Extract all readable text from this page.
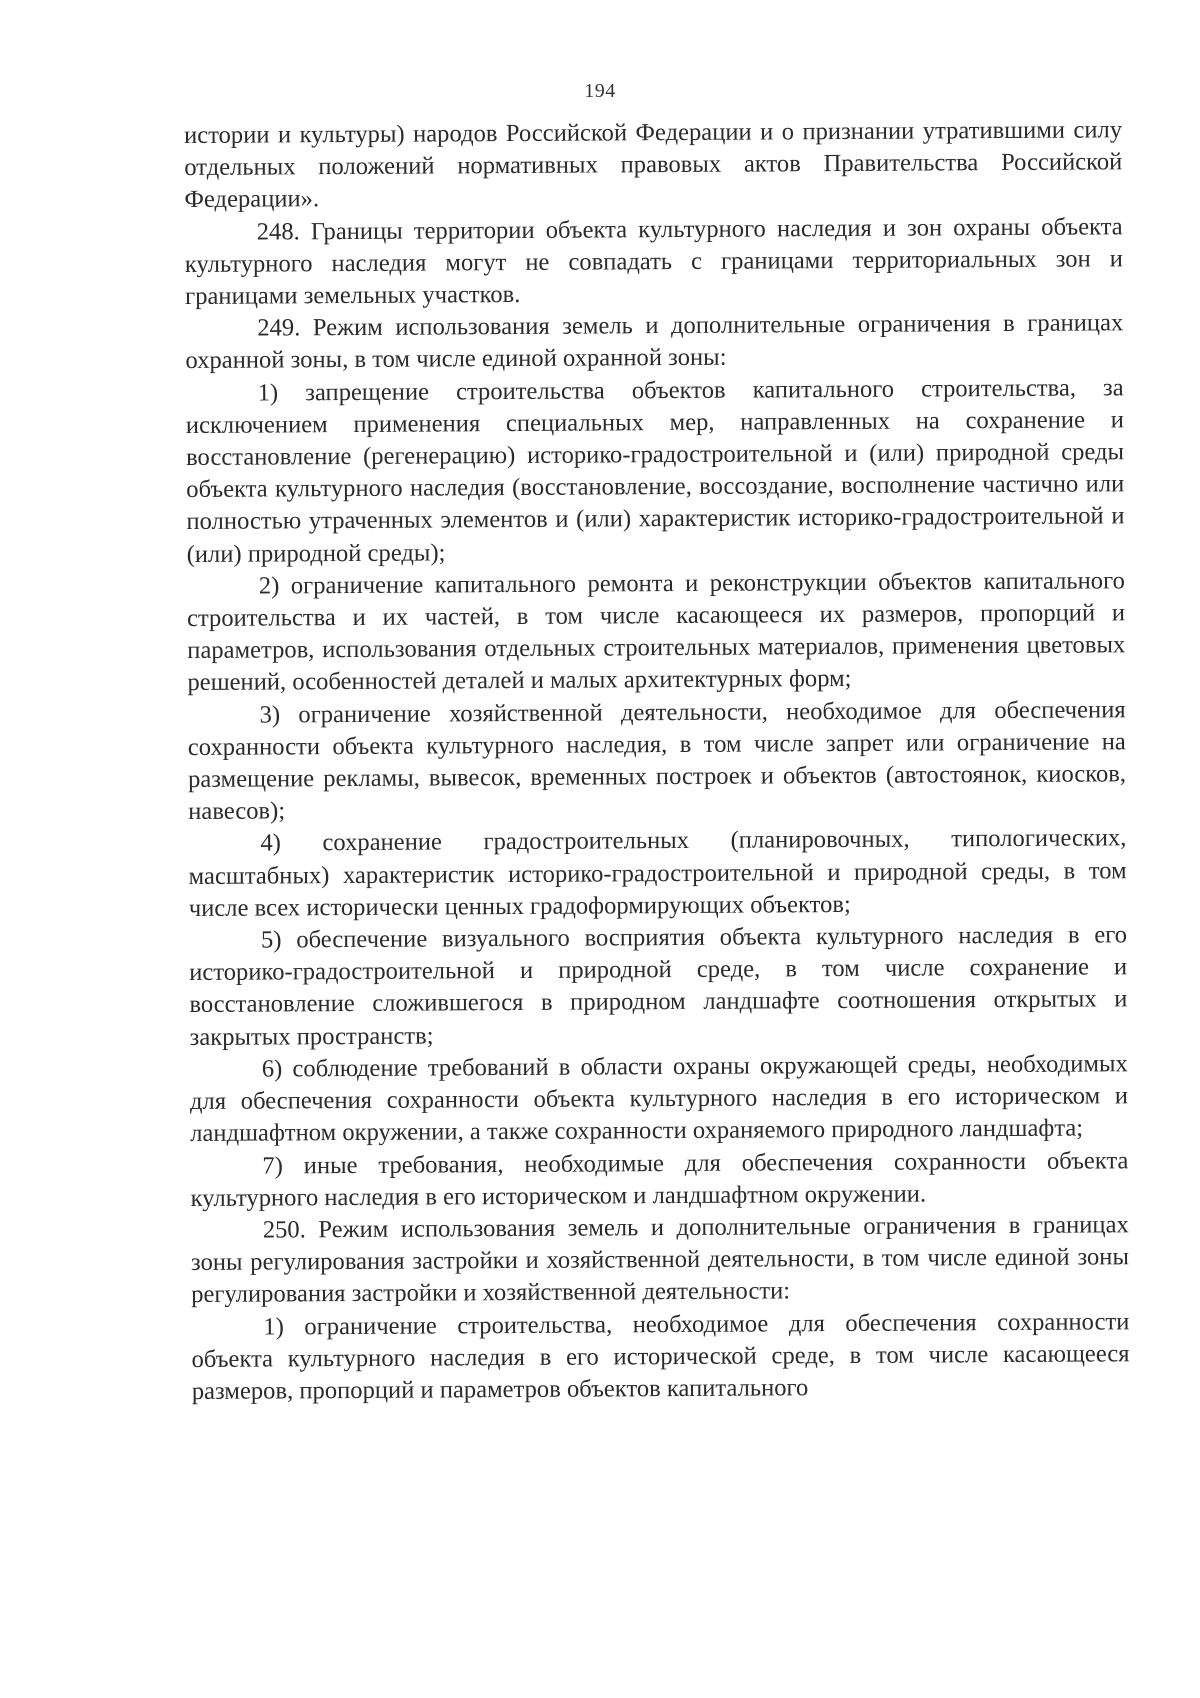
194

истории и культуры) народов Российской Федерации и о признании утратившими силу отдельных положений нормативных правовых актов Правительства Российской Федерации».

248. Границы территории объекта культурного наследия и зон охраны объекта культурного наследия могут не совпадать с границами территориальных зон и границами земельных участков.

249. Режим использования земель и дополнительные ограничения в границах охранной зоны, в том числе единой охранной зоны:

1) запрещение строительства объектов капитального строительства, за исключением применения специальных мер, направленных на сохранение и восстановление (регенерацию) историко-градостроительной и (или) природной среды объекта культурного наследия (восстановление, воссоздание, восполнение частично или полностью утраченных элементов и (или) характеристик историко-градостроительной и (или) природной среды);

2) ограничение капитального ремонта и реконструкции объектов капитального строительства и их частей, в том числе касающееся их размеров, пропорций и параметров, использования отдельных строительных материалов, применения цветовых решений, особенностей деталей и малых архитектурных форм;

3) ограничение хозяйственной деятельности, необходимое для обеспечения сохранности объекта культурного наследия, в том числе запрет или ограничение на размещение рекламы, вывесок, временных построек и объектов (автостоянок, киосков, навесов);

4) сохранение градостроительных (планировочных, типологических, масштабных) характеристик историко-градостроительной и природной среды, в том числе всех исторически ценных градоформирующих объектов;

5) обеспечение визуального восприятия объекта культурного наследия в его историко-градостроительной и природной среде, в том числе сохранение и восстановление сложившегося в природном ландшафте соотношения открытых и закрытых пространств;

6) соблюдение требований в области охраны окружающей среды, необходимых для обеспечения сохранности объекта культурного наследия в его историческом и ландшафтном окружении, а также сохранности охраняемого природного ландшафта;

7) иные требования, необходимые для обеспечения сохранности объекта культурного наследия в его историческом и ландшафтном окружении.

250. Режим использования земель и дополнительные ограничения в границах зоны регулирования застройки и хозяйственной деятельности, в том числе единой зоны регулирования застройки и хозяйственной деятельности:

1) ограничение строительства, необходимое для обеспечения сохранности объекта культурного наследия в его исторической среде, в том числе касающееся размеров, пропорций и параметров объектов капитального
